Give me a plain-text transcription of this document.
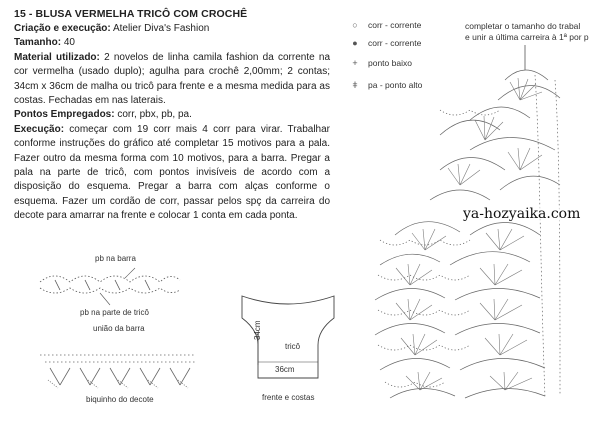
15 - BLUSA VERMELHA TRICÔ COM CROCHÊ

Criação e execução: Atelier Diva's Fashion

Tamanho: 40

Material utilizado: 2 novelos de linha camila fashion da corrente na cor vermelha (usado duplo); agulha para crochê 2,00mm; 2 contas; 34cm x 36cm de malha ou tricô para frente e a mesma medida para as costas. Fechadas em nas laterais.

Pontos Empregados: corr, pbx, pb, pa.

Execução: começar com 19 corr mais 4 corr para virar. Trabalhar conforme instruções do gráfico até completar 15 motivos para a pala. Fazer outro da mesma forma com 10 motivos, para a barra. Pregar a pala na parte de tricô, com pontos invisíveis de acordo com a disposição do esquema. Pregar a barra com alças conforme o esquema. Fazer um cordão de corr, passar pelos spç da carreira do decote para amarrar na frente e colocar 1 conta em cada ponta.

○ corr - corrente
● corr - corrente
+ ponto baixo
ǂ pa - ponto alto
completar o tamanho do trabal
e unir a última carreira à 1ª por p
pb na barra
pb na parte de tricô
união da barra
biquinho do decote
tricô
34cm
36cm
frente e costas
ya-hozyaika.com
